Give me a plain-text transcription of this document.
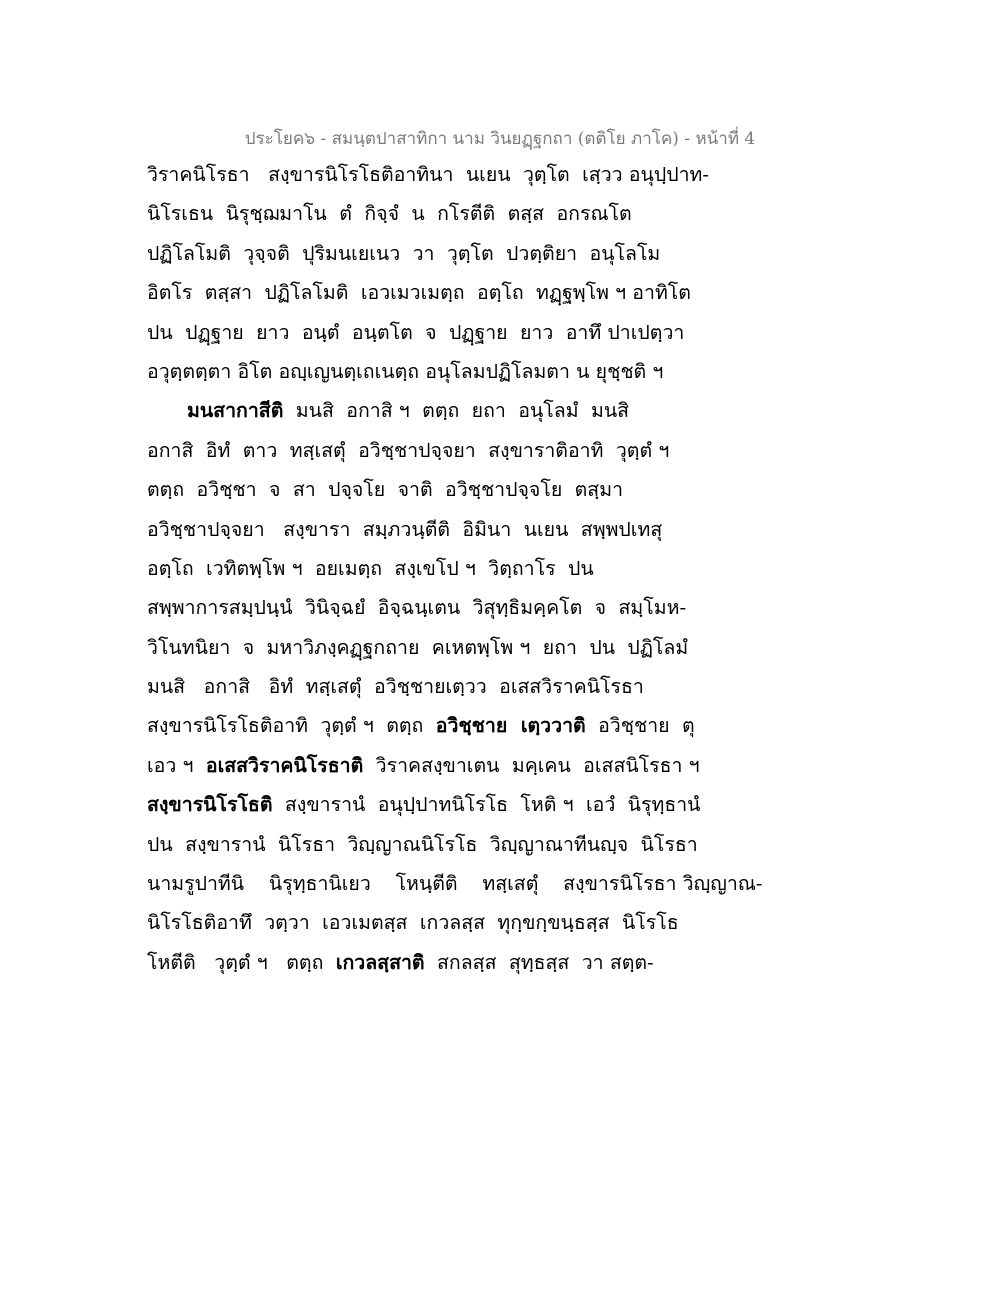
ประโยค๖ - สมนฺตปาสาทิกา นาม วินยฏฺฐกถา (ตติโย ภาโค) - หน้าที่ 4
วิราคนิโรธา   สงฺขารนิโรโธติอาทินา  นเยน  วุตฺโต  เสฺวว อนุปฺปาท-
นิโรเธน  นิรุชฺฌมาโน  ตํ  กิจฺจํ  น  กโรตีติ  ตสฺส  อกรณโต
ปฏิโลโมติ  วุจฺจติ  ปุริมนเยเนว  วา  วุตฺโต  ปวตฺติยา  อนุโลโม
อิตโร  ตสฺสา  ปฏิโลโมติ  เอวเมวเมตฺถ  อตฺโถ  ทฏฺฐพฺโพ ฯ อาทิโต
ปน  ปฏฺฐาย  ยาว  อนฺตํ  อนฺตโต  จ  ปฏฺฐาย  ยาว  อาทึ ปาเปตฺวา
อวุตฺตตฺตา อิโต อญฺเญนตฺเถเนตฺถ อนุโลมปฏิโลมตา น ยุชฺชติ ฯ
มนสากาสีติ  มนสิ  อกาสิ ฯ  ตตฺถ  ยถา  อนุโลมํ  มนสิ
อกาสิ  อิทํ  ตาว  ทสฺเสตุํ  อวิชฺชาปจฺจยา  สงฺขาราติอาทิ  วุตฺตํ ฯ
ตตฺถ  อวิชฺชา  จ  สา  ปจฺจโย  จาติ  อวิชฺชาปจฺจโย  ตสฺมา
อวิชฺชาปจฺจยา   สงฺขารา  สมฺภวนฺตีติ  อิมินา  นเยน  สพฺพปเทสุ
อตฺโถ  เวทิตพฺโพ ฯ  อยเมตฺถ  สงฺเขโป ฯ  วิตฺถาโร  ปน
สพฺพาการสมฺปนฺนํ  วินิจฺฉยํ  อิจฺฉนฺเตน  วิสุทฺธิมคฺคโต  จ  สมฺโมห-
วิโนทนิยา  จ  มหาวิภงฺคฏฺฐกถาย  คเหตพฺโพ ฯ  ยถา  ปน  ปฏิโลมํ
มนสิ   อกาสิ   อิทํ  ทสฺเสตุํ  อวิชฺชายเตฺวว  อเสสวิราคนิโรธา
สงฺขารนิโรโธติอาทิ  วุตฺตํ ฯ  ตตฺถ  อวิชฺชาย  เตฺววาติ  อวิชฺชาย  ตุ
เอว ฯ  อเสสวิราคนิโรธาติ  วิราคสงฺขาเตน  มคฺเคน  อเสสนิโรธา ฯ
สงฺขารนิโรโธติ  สงฺขารานํ  อนุปฺปาทนิโรโธ  โหติ ฯ  เอวํ  นิรุทฺธานํ
ปน  สงฺขารานํ  นิโรธา  วิญฺญาณนิโรโธ  วิญฺญาณาทีนญฺจ  นิโรธา
นามรูปาทีนิ    นิรุทฺธานิเยว    โหนฺตีติ    ทสฺเสตุํ    สงฺขารนิโรธา วิญฺญาณ-
นิโรโธติอาทึ  วตฺวา  เอวเมตสฺส  เกวลสฺส  ทุกฺขกฺขนฺธสฺส  นิโรโธ
โหตีติ   วุตฺตํ ฯ   ตตฺถ  เกวลสฺสาติ  สกลสฺส  สุทฺธสฺส  วา สตฺต-
